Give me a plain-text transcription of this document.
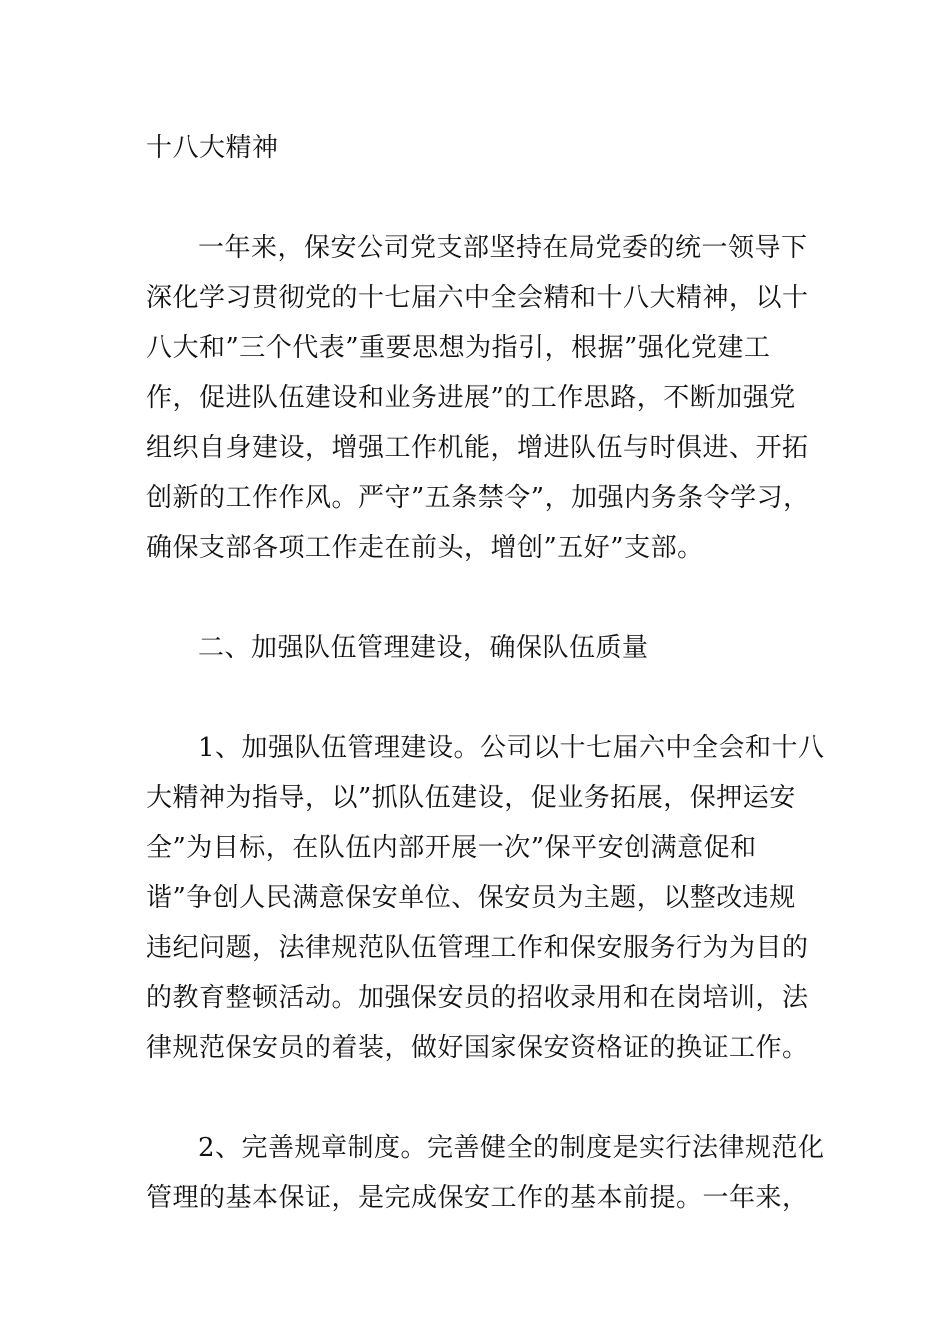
十八大精神
一年来，保安公司党支部坚持在局党委的统一领导下
深化学习贯彻党的十七届六中全会精和十八大精神，以十
八大和”三个代表”重要思想为指引，根据”强化党建工
作，促进队伍建设和业务进展”的工作思路，不断加强党
组织自身建设，增强工作机能，增进队伍与时俱进、开拓
创新的工作作风。严守”五条禁令”，加强内务条令学习，
确保支部各项工作走在前头，增创”五好”支部。
二、加强队伍管理建设，确保队伍质量
1、加强队伍管理建设。公司以十七届六中全会和十八
大精神为指导，以”抓队伍建设，促业务拓展，保押运安
全”为目标，在队伍内部开展一次”保平安创满意促和
谐”争创人民满意保安单位、保安员为主题，以整改违规
违纪问题，法律规范队伍管理工作和保安服务行为为目的
的教育整顿活动。加强保安员的招收录用和在岗培训，法
律规范保安员的着装，做好国家保安资格证的换证工作。
2、完善规章制度。完善健全的制度是实行法律规范化
管理的基本保证，是完成保安工作的基本前提。一年来，
